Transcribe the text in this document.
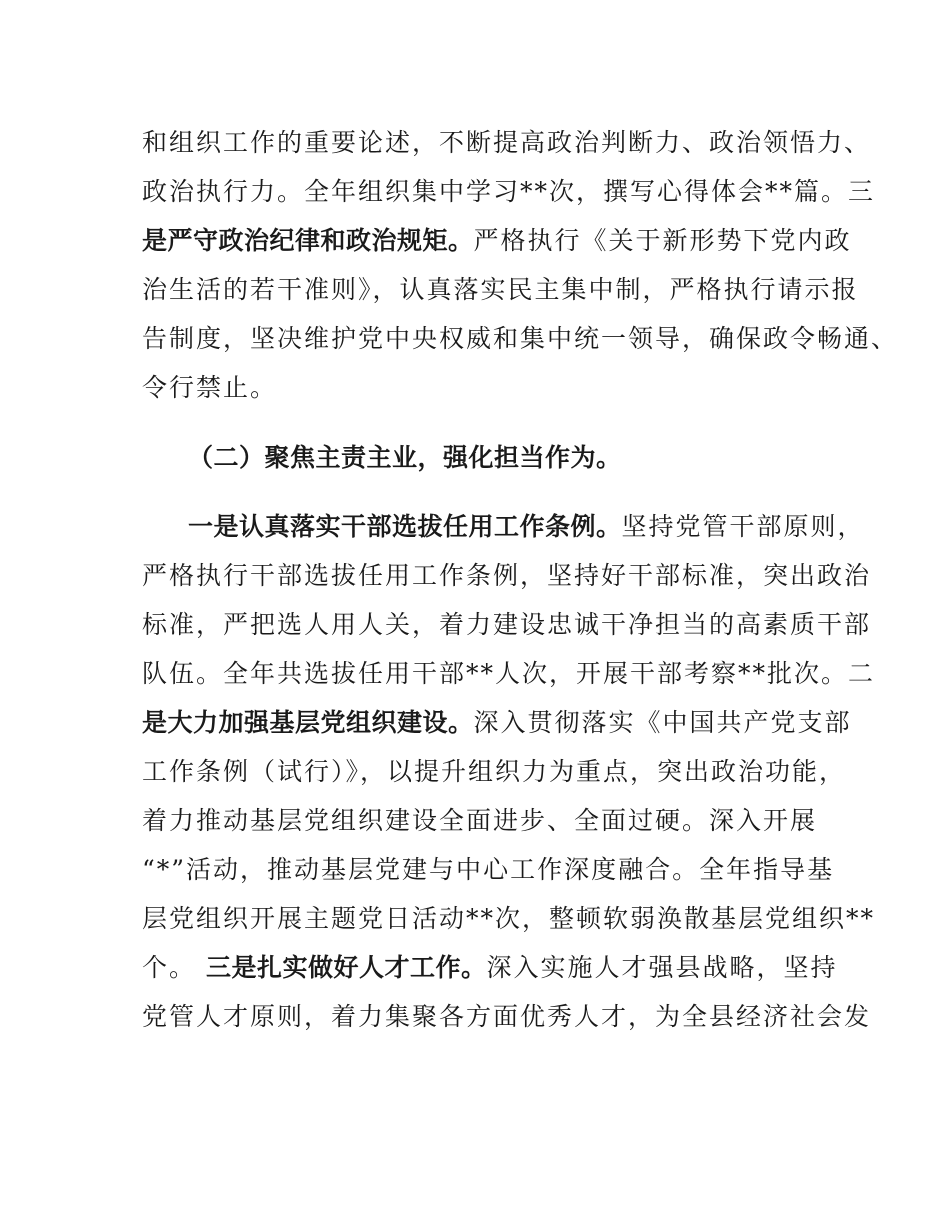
和组织工作的重要论述，不断提高政治判断力、政治领悟力、
政治执行力。全年组织集中学习**次，撰写心得体会**篇。三
是严守政治纪律和政治规矩。严格执行《关于新形势下党内政
治生活的若干准则》，认真落实民主集中制，严格执行请示报
告制度，坚决维护党中央权威和集中统一领导，确保政令畅通、
令行禁止。
（二）聚焦主责主业，强化担当作为。
一是认真落实干部选拔任用工作条例。坚持党管干部原则，
严格执行干部选拔任用工作条例，坚持好干部标准，突出政治
标准，严把选人用人关，着力建设忠诚干净担当的高素质干部
队伍。全年共选拔任用干部**人次，开展干部考察**批次。二
是大力加强基层党组织建设。深入贯彻落实《中国共产党支部
工作条例（试行）》，以提升组织力为重点，突出政治功能，
着力推动基层党组织建设全面进步、全面过硬。深入开展
“*”活动，推动基层党建与中心工作深度融合。全年指导基
层党组织开展主题党日活动**次，整顿软弱涣散基层党组织**
个。 三是扎实做好人才工作。深入实施人才强县战略，坚持
党管人才原则，着力集聚各方面优秀人才，为全县经济社会发
